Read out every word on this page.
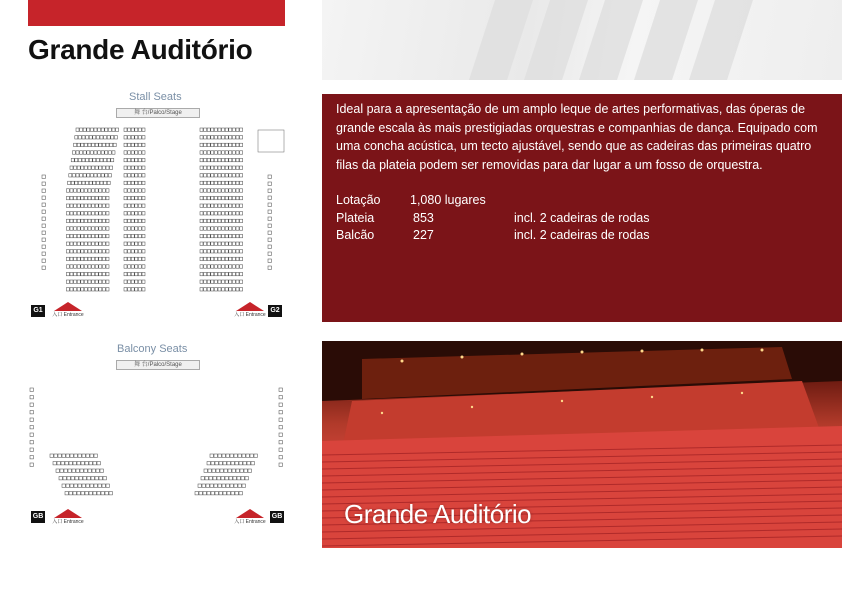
Grande Auditório
Stall Seats
舞 台/Palco/Stage
G1	G2
入口 Entrance	入口 Entrance
Balcony Seats
舞 台/Palco/Stage
GB	GB
入口 Entrance	入口 Entrance

Ideal para a apresentação de um amplo leque de artes performativas, das óperas de grande escala às mais prestigiadas orquestras e companhias de dança. Equipado com uma concha acústica, um tecto ajustável, sendo que as cadeiras das primeiras quatro filas da plateia podem ser removidas para dar lugar a um fosso de orquestra.

Lotação	1,080 lugares
Plateia	853	incl. 2 cadeiras de rodas
Balcão	227	incl. 2 cadeiras de rodas
Grande Auditório
